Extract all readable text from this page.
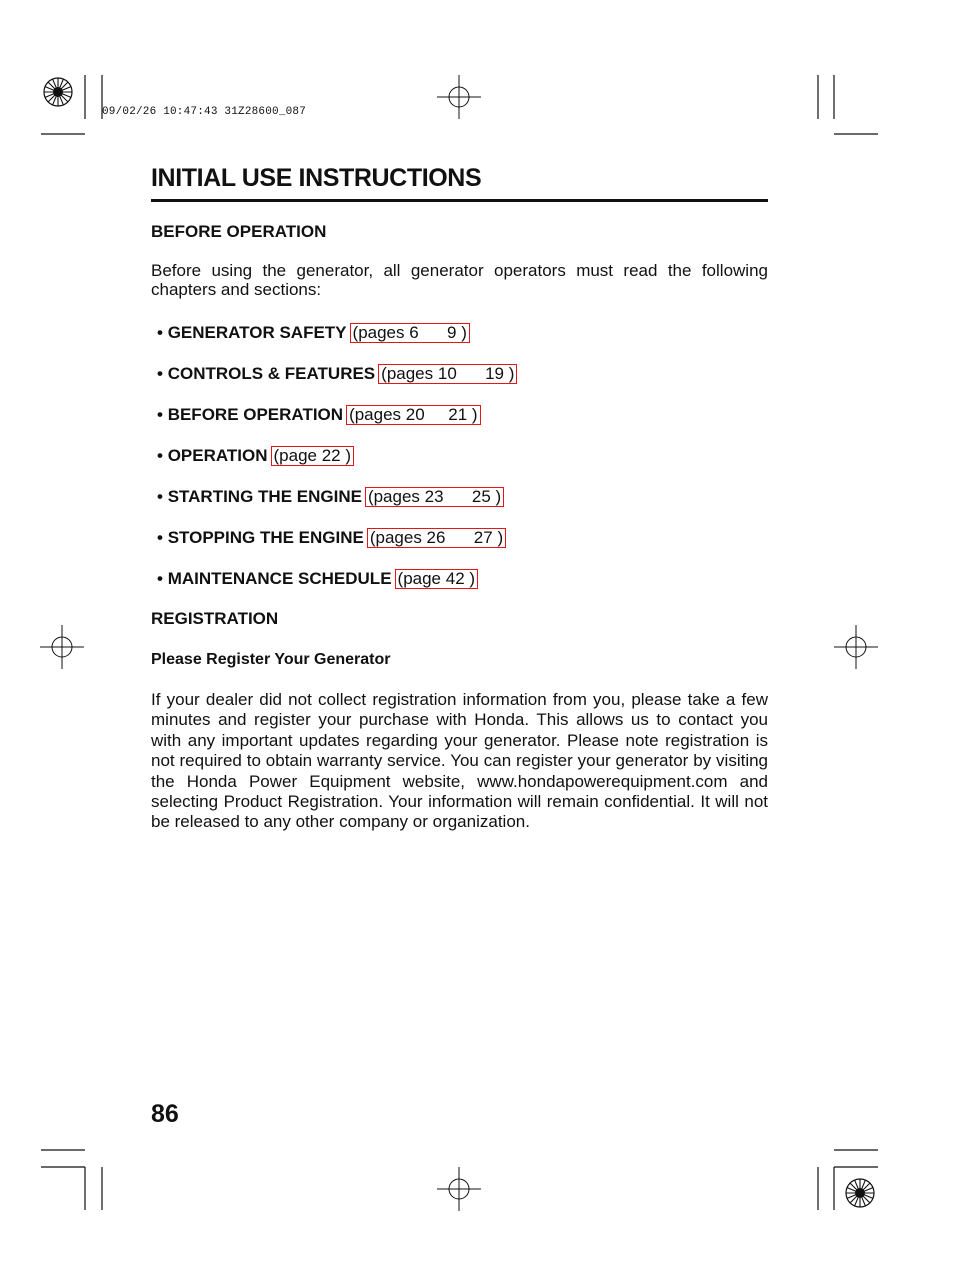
09/02/26 10:47:43 31Z28600_087
INITIAL USE INSTRUCTIONS
BEFORE OPERATION

Before using the generator, all generator operators must read the following chapters and sections:

• GENERATOR SAFETY (pages 6      9 )
• CONTROLS & FEATURES (pages 10      19 )
• BEFORE OPERATION (pages 20     21 )
• OPERATION (page 22 )
• STARTING THE ENGINE (pages 23      25 )
• STOPPING THE ENGINE (pages 26      27 )
• MAINTENANCE SCHEDULE (page 42 )
REGISTRATION
Please Register Your Generator

If your dealer did not collect registration information from you, please take a few minutes and register your purchase with Honda. This allows us to contact you with any important updates regarding your generator. Please note registration is not required to obtain warranty service. You can register your generator by visiting the Honda Power Equipment website, www.hondapowerequipment.com and selecting Product Registration. Your information will remain confidential. It will not be released to any other company or organization.

86
